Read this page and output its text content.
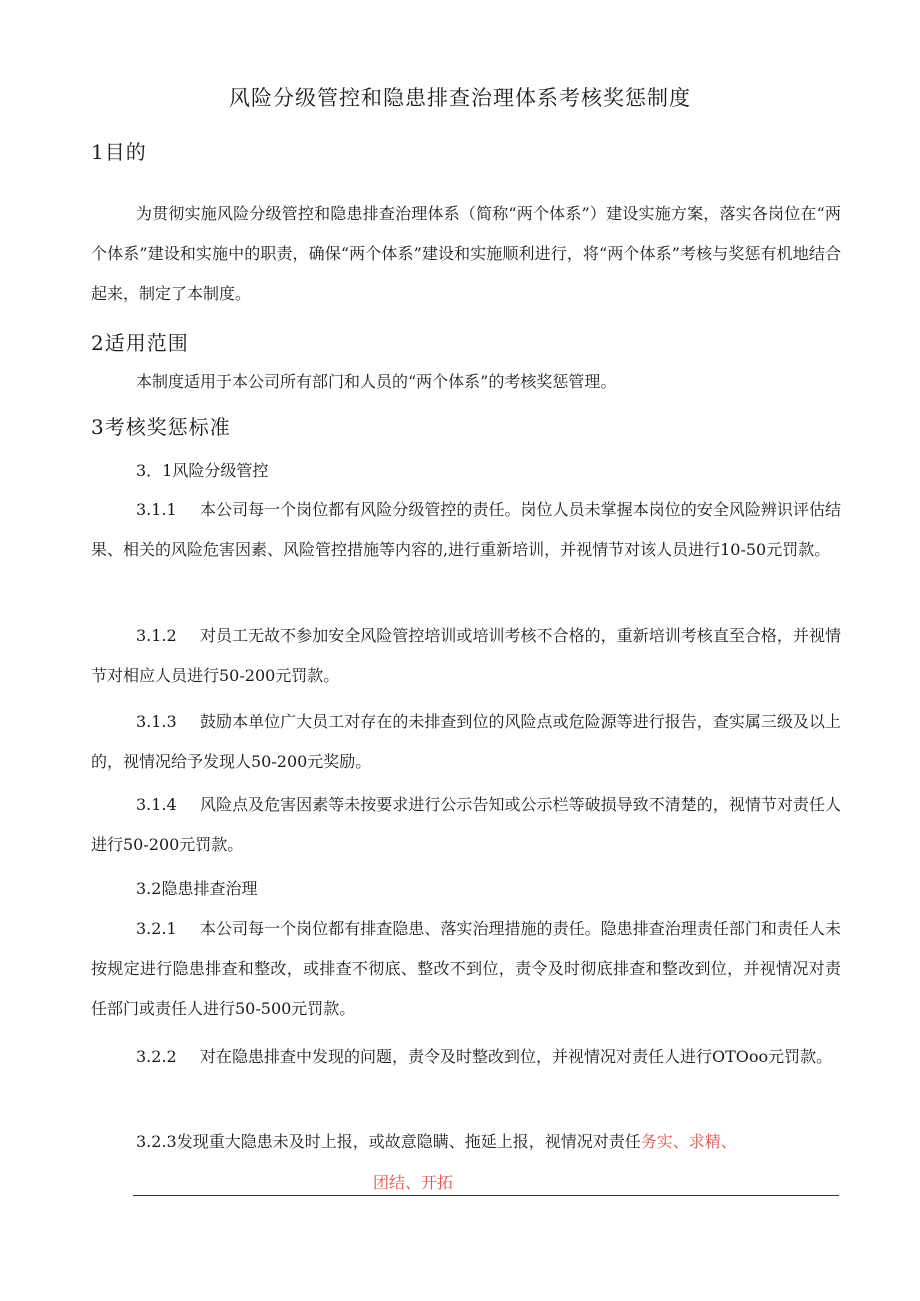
风险分级管控和隐患排查治理体系考核奖惩制度
1目的
为贯彻实施风险分级管控和隐患排查治理体系（简称“两个体系”）建设实施方案，落实各岗位在“两个体系”建设和实施中的职责，确保“两个体系”建设和实施顺利进行，将“两个体系”考核与奖惩有机地结合起来，制定了本制度。
2适用范围
本制度适用于本公司所有部门和人员的“两个体系”的考核奖惩管理。
3考核奖惩标准
3．1风险分级管控
3.1.1 本公司每一个岗位都有风险分级管控的责任。岗位人员未掌握本岗位的安全风险辨识评估结果、相关的风险危害因素、风险管控措施等内容的,进行重新培训，并视情节对该人员进行10-50元罚款。
3.1.2 对员工无故不参加安全风险管控培训或培训考核不合格的，重新培训考核直至合格，并视情节对相应人员进行50-200元罚款。
3.1.3 鼓励本单位广大员工对存在的未排查到位的风险点或危险源等进行报告，查实属三级及以上的，视情况给予发现人50-200元奖励。
3.1.4 风险点及危害因素等未按要求进行公示告知或公示栏等破损导致不清楚的，视情节对责任人进行50-200元罚款。
3.2隐患排查治理
3.2.1 本公司每一个岗位都有排查隐患、落实治理措施的责任。隐患排查治理责任部门和责任人未按规定进行隐患排查和整改，或排查不彻底、整改不到位，责令及时彻底排查和整改到位，并视情况对责任部门或责任人进行50-500元罚款。
3.2.2 对在隐患排查中发现的问题，责令及时整改到位，并视情况对责任人进行OTOoo元罚款。
3.2.3发现重大隐患未及时上报，或故意隐瞒、拖延上报，视情况对责任务实、求精、
团结、开拓
